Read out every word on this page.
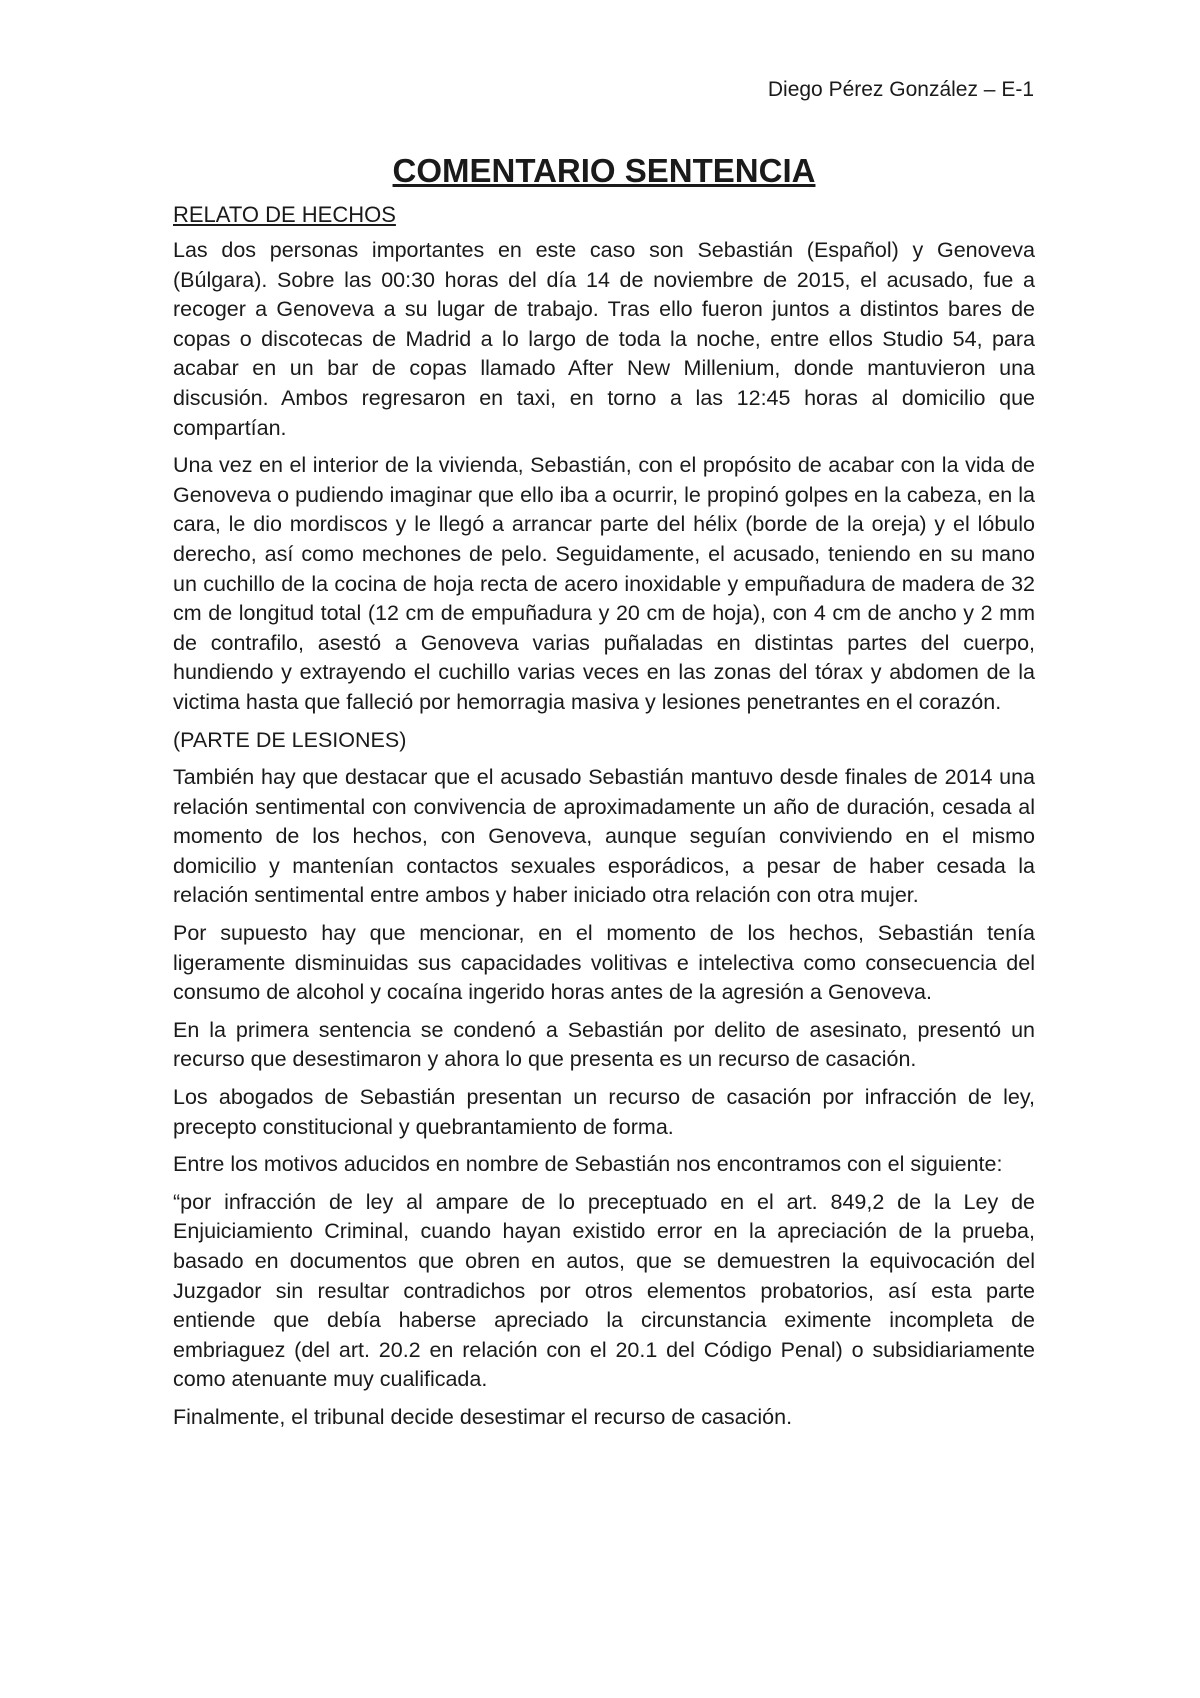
Diego Pérez González – E-1
COMENTARIO SENTENCIA
RELATO DE HECHOS

Las dos personas importantes en este caso son Sebastián (Español) y Genoveva (Búlgara). Sobre las 00:30 horas del día 14 de noviembre de 2015, el acusado, fue a recoger a Genoveva a su lugar de trabajo. Tras ello fueron juntos a distintos bares de copas o discotecas de Madrid a lo largo de toda la noche, entre ellos Studio 54, para acabar en un bar de copas llamado After New Millenium, donde mantuvieron una discusión. Ambos regresaron en taxi, en torno a las 12:45 horas al domicilio que compartían.

Una vez en el interior de la vivienda, Sebastián, con el propósito de acabar con la vida de Genoveva o pudiendo imaginar que ello iba a ocurrir, le propinó golpes en la cabeza, en la cara, le dio mordiscos y le llegó a arrancar parte del hélix (borde de la oreja) y el lóbulo derecho, así como mechones de pelo. Seguidamente, el acusado, teniendo en su mano un cuchillo de la cocina de hoja recta de acero inoxidable y empuñadura de madera de 32 cm de longitud total (12 cm de empuñadura y 20 cm de hoja), con 4 cm de ancho y 2 mm de contrafilo, asestó a Genoveva varias puñaladas en distintas partes del cuerpo, hundiendo y extrayendo el cuchillo varias veces en las zonas del tórax y abdomen de la victima hasta que falleció por hemorragia masiva y lesiones penetrantes en el corazón.

(PARTE DE LESIONES)

También hay que destacar que el acusado Sebastián mantuvo desde finales de 2014 una relación sentimental con convivencia de aproximadamente un año de duración, cesada al momento de los hechos, con Genoveva, aunque seguían conviviendo en el mismo domicilio y mantenían contactos sexuales esporádicos, a pesar de haber cesada la relación sentimental entre ambos y haber iniciado otra relación con otra mujer.

Por supuesto hay que mencionar, en el momento de los hechos, Sebastián tenía ligeramente disminuidas sus capacidades volitivas e intelectiva como consecuencia del consumo de alcohol y cocaína ingerido horas antes de la agresión a Genoveva.

En la primera sentencia se condenó a Sebastián por delito de asesinato, presentó un recurso que desestimaron y ahora lo que presenta es un recurso de casación.

Los abogados de Sebastián presentan un recurso de casación por infracción de ley, precepto constitucional y quebrantamiento de forma.

Entre los motivos aducidos en nombre de Sebastián nos encontramos con el siguiente:

“por infracción de ley al ampare de lo preceptuado en el art. 849,2 de la Ley de Enjuiciamiento Criminal, cuando hayan existido error en la apreciación de la prueba, basado en documentos que obren en autos, que se demuestren la equivocación del Juzgador sin resultar contradichos por otros elementos probatorios, así esta parte entiende que debía haberse apreciado la circunstancia eximente incompleta de embriaguez (del art. 20.2 en relación con el 20.1 del Código Penal) o subsidiariamente como atenuante muy cualificada.

Finalmente, el tribunal decide desestimar el recurso de casación.
